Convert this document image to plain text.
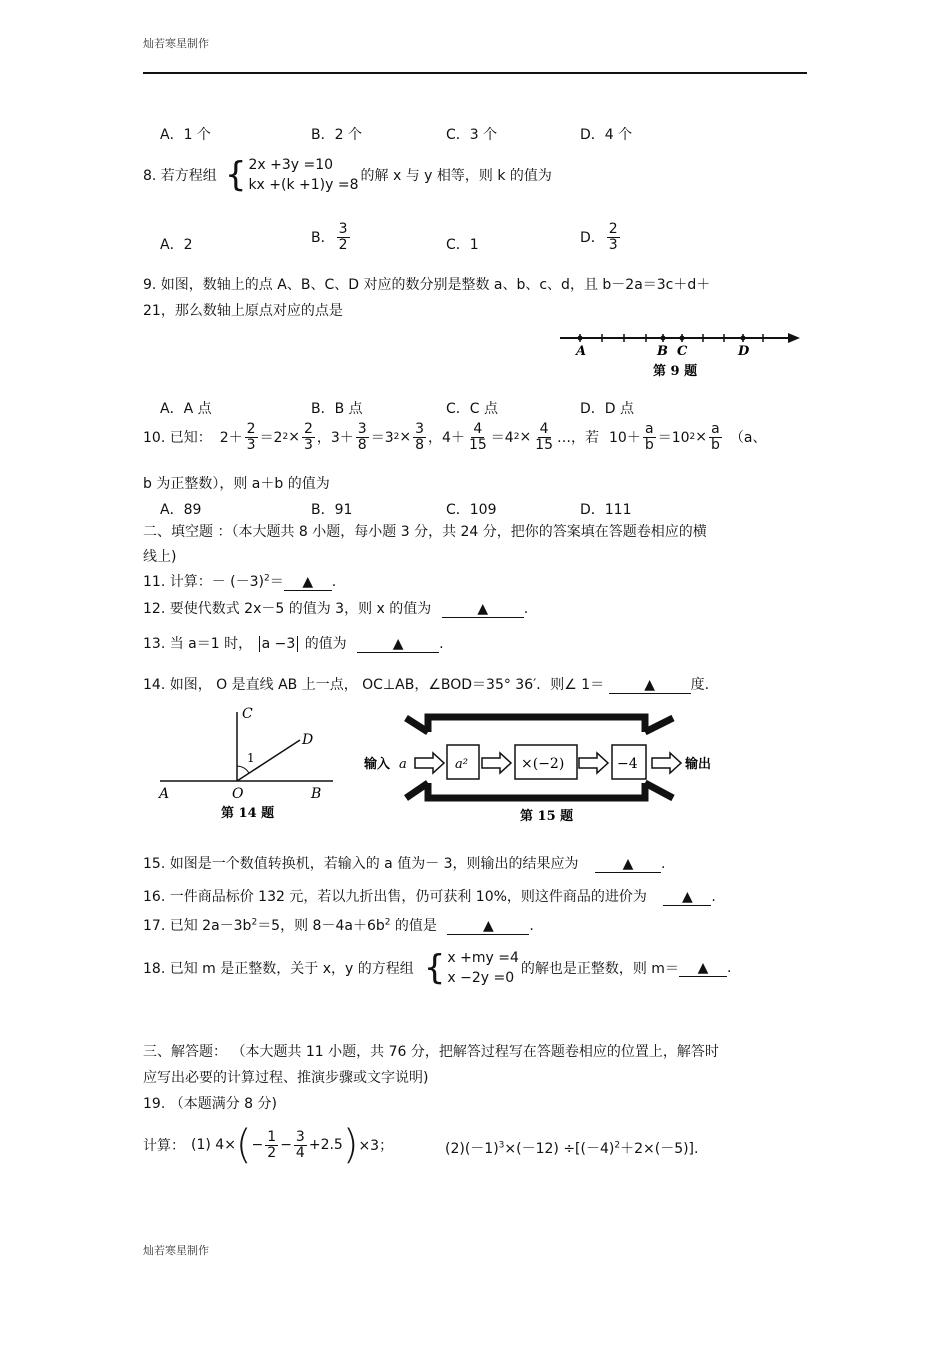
灿若寒星制作
A．1 个	B．2 个	C．3 个	D．4 个
8. 若方程组 { 2x +3y =10
kx +(k +1)y =8
的解 x 与 y 相等，则 k 的值为
A．2	B． $\frac{3}{2}$	C．1	D． $\frac{2}{3}$
9. 如图，数轴上的点 A、B、C、D 对应的数分别是整数 a、b、c、d，且 b－2a＝3c＋d＋
21，那么数轴上原点对应的点是
A	B C	D
第 9 题
A．A 点	B．B 点	C．C 点	D．D 点
10. 已知： $2+ \frac{2}{3} =2$ $2 \times \frac{2}{3}$ ， $3+ \frac{3}{8} =3$ $2 \times \frac{3}{8}$ ， $4+ \frac{4}{15} =4$ $2 \times \frac{4}{15}$ …，若 $10+ \frac{a}{b} =10$ $2 \times \frac{a}{b} (a$、
b 为正整数），则 a＋b 的值为
A．89	B．91	C．109	D．111
二、填空题 ：（本大题共 8 小题，每小题 3 分，共 24 分，把你的答案填在答题卷相应的横
线上)
11. 计算：－ $(-3)^2=$ ▲ .
12. 要使代数式 2x－5 的值为 3，则 x 的值为	▲	.
13. 当 a＝1 时， a −3 的值为	▲	.
14. 如图， O 是直线 AB 上一点， OC⊥AB，∠BOD＝35° 36′．则∠ 1＝	▲	度.
C
D
1
A	O	B
第 14 题
输入 a	a²	×(−2)	−4	输出
第 15 题
15. 如图是一个数值转换机，若输入的 a 值为－ 3，则输出的结果应为	▲ .
16. 一件商品标价 132 元，若以九折出售，仍可获利 10%，则这件商品的进价为	▲ .
17. 已知 $2a-3b^2=5$，则 $8-4a+6b^2$ 的值是	▲	.
18. 已知 m 是正整数，关于 x，y 的方程组 { x +my =4
x −2y =0
的解也是正整数，则 m＝	▲	.
三、解答题： （本大题共 11 小题，共 76 分，把解答过程写在答题卷相应的位置上，解答时
应写出必要的计算过程、推演步骤或文字说明)
19. （本题满分 8 分)
计算： (1) 4× ( − $\frac{1}{2} - \frac{3}{4} +2.5$ ) ×3；	$(2)(-1)^3\times(-12) \div[(-4)^2+2\times(-5)]$.
灿若寒星制作
